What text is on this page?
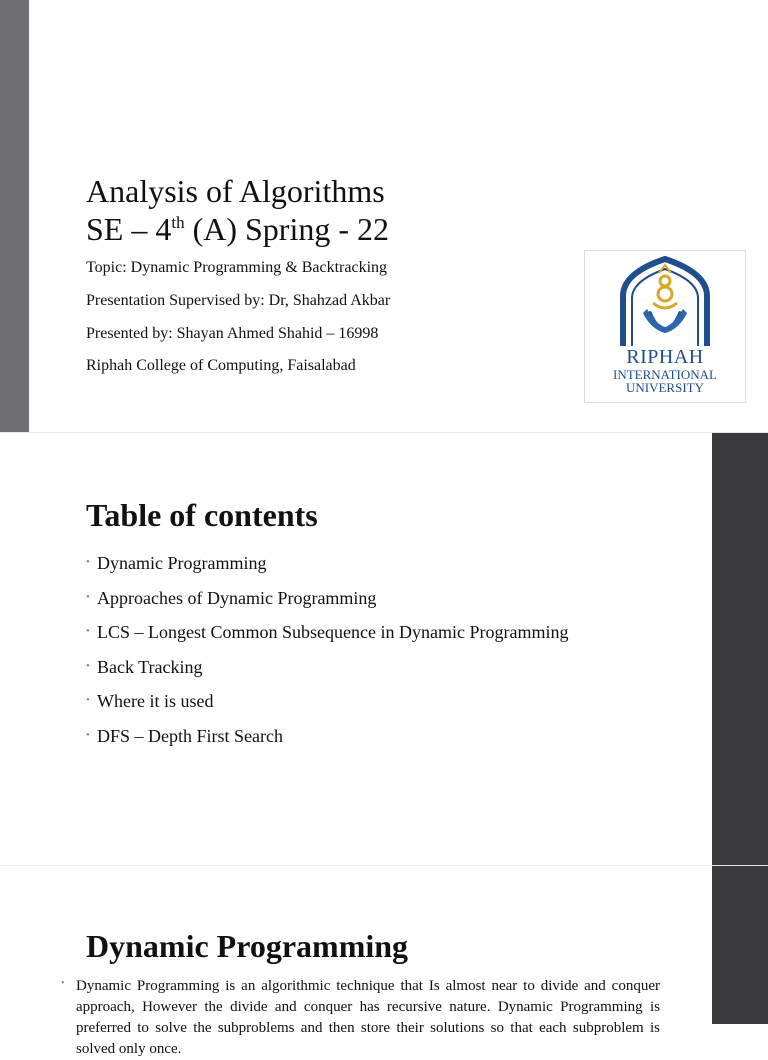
Analysis of Algorithms
SE – 4th (A) Spring - 22
Topic: Dynamic Programming & Backtracking
Presentation Supervised by: Dr, Shahzad Akbar
Presented by: Shayan Ahmed Shahid – 16998
Riphah College of Computing, Faisalabad	RIPHAH
INTERNATIONAL
UNIVERSITY
Table of contents
• Dynamic Programming
• Approaches of Dynamic Programming
• LCS – Longest Common Subsequence in Dynamic Programming
• Back Tracking
• Where it is used
• DFS – Depth First Search
Dynamic Programming
• Dynamic Programming is an algorithmic technique that Is almost near to divide and conquer approach, However the divide and conquer has recursive nature. Dynamic Programming is preferred to solve the subproblems and then store their solutions so that each subproblem is solved only once.
